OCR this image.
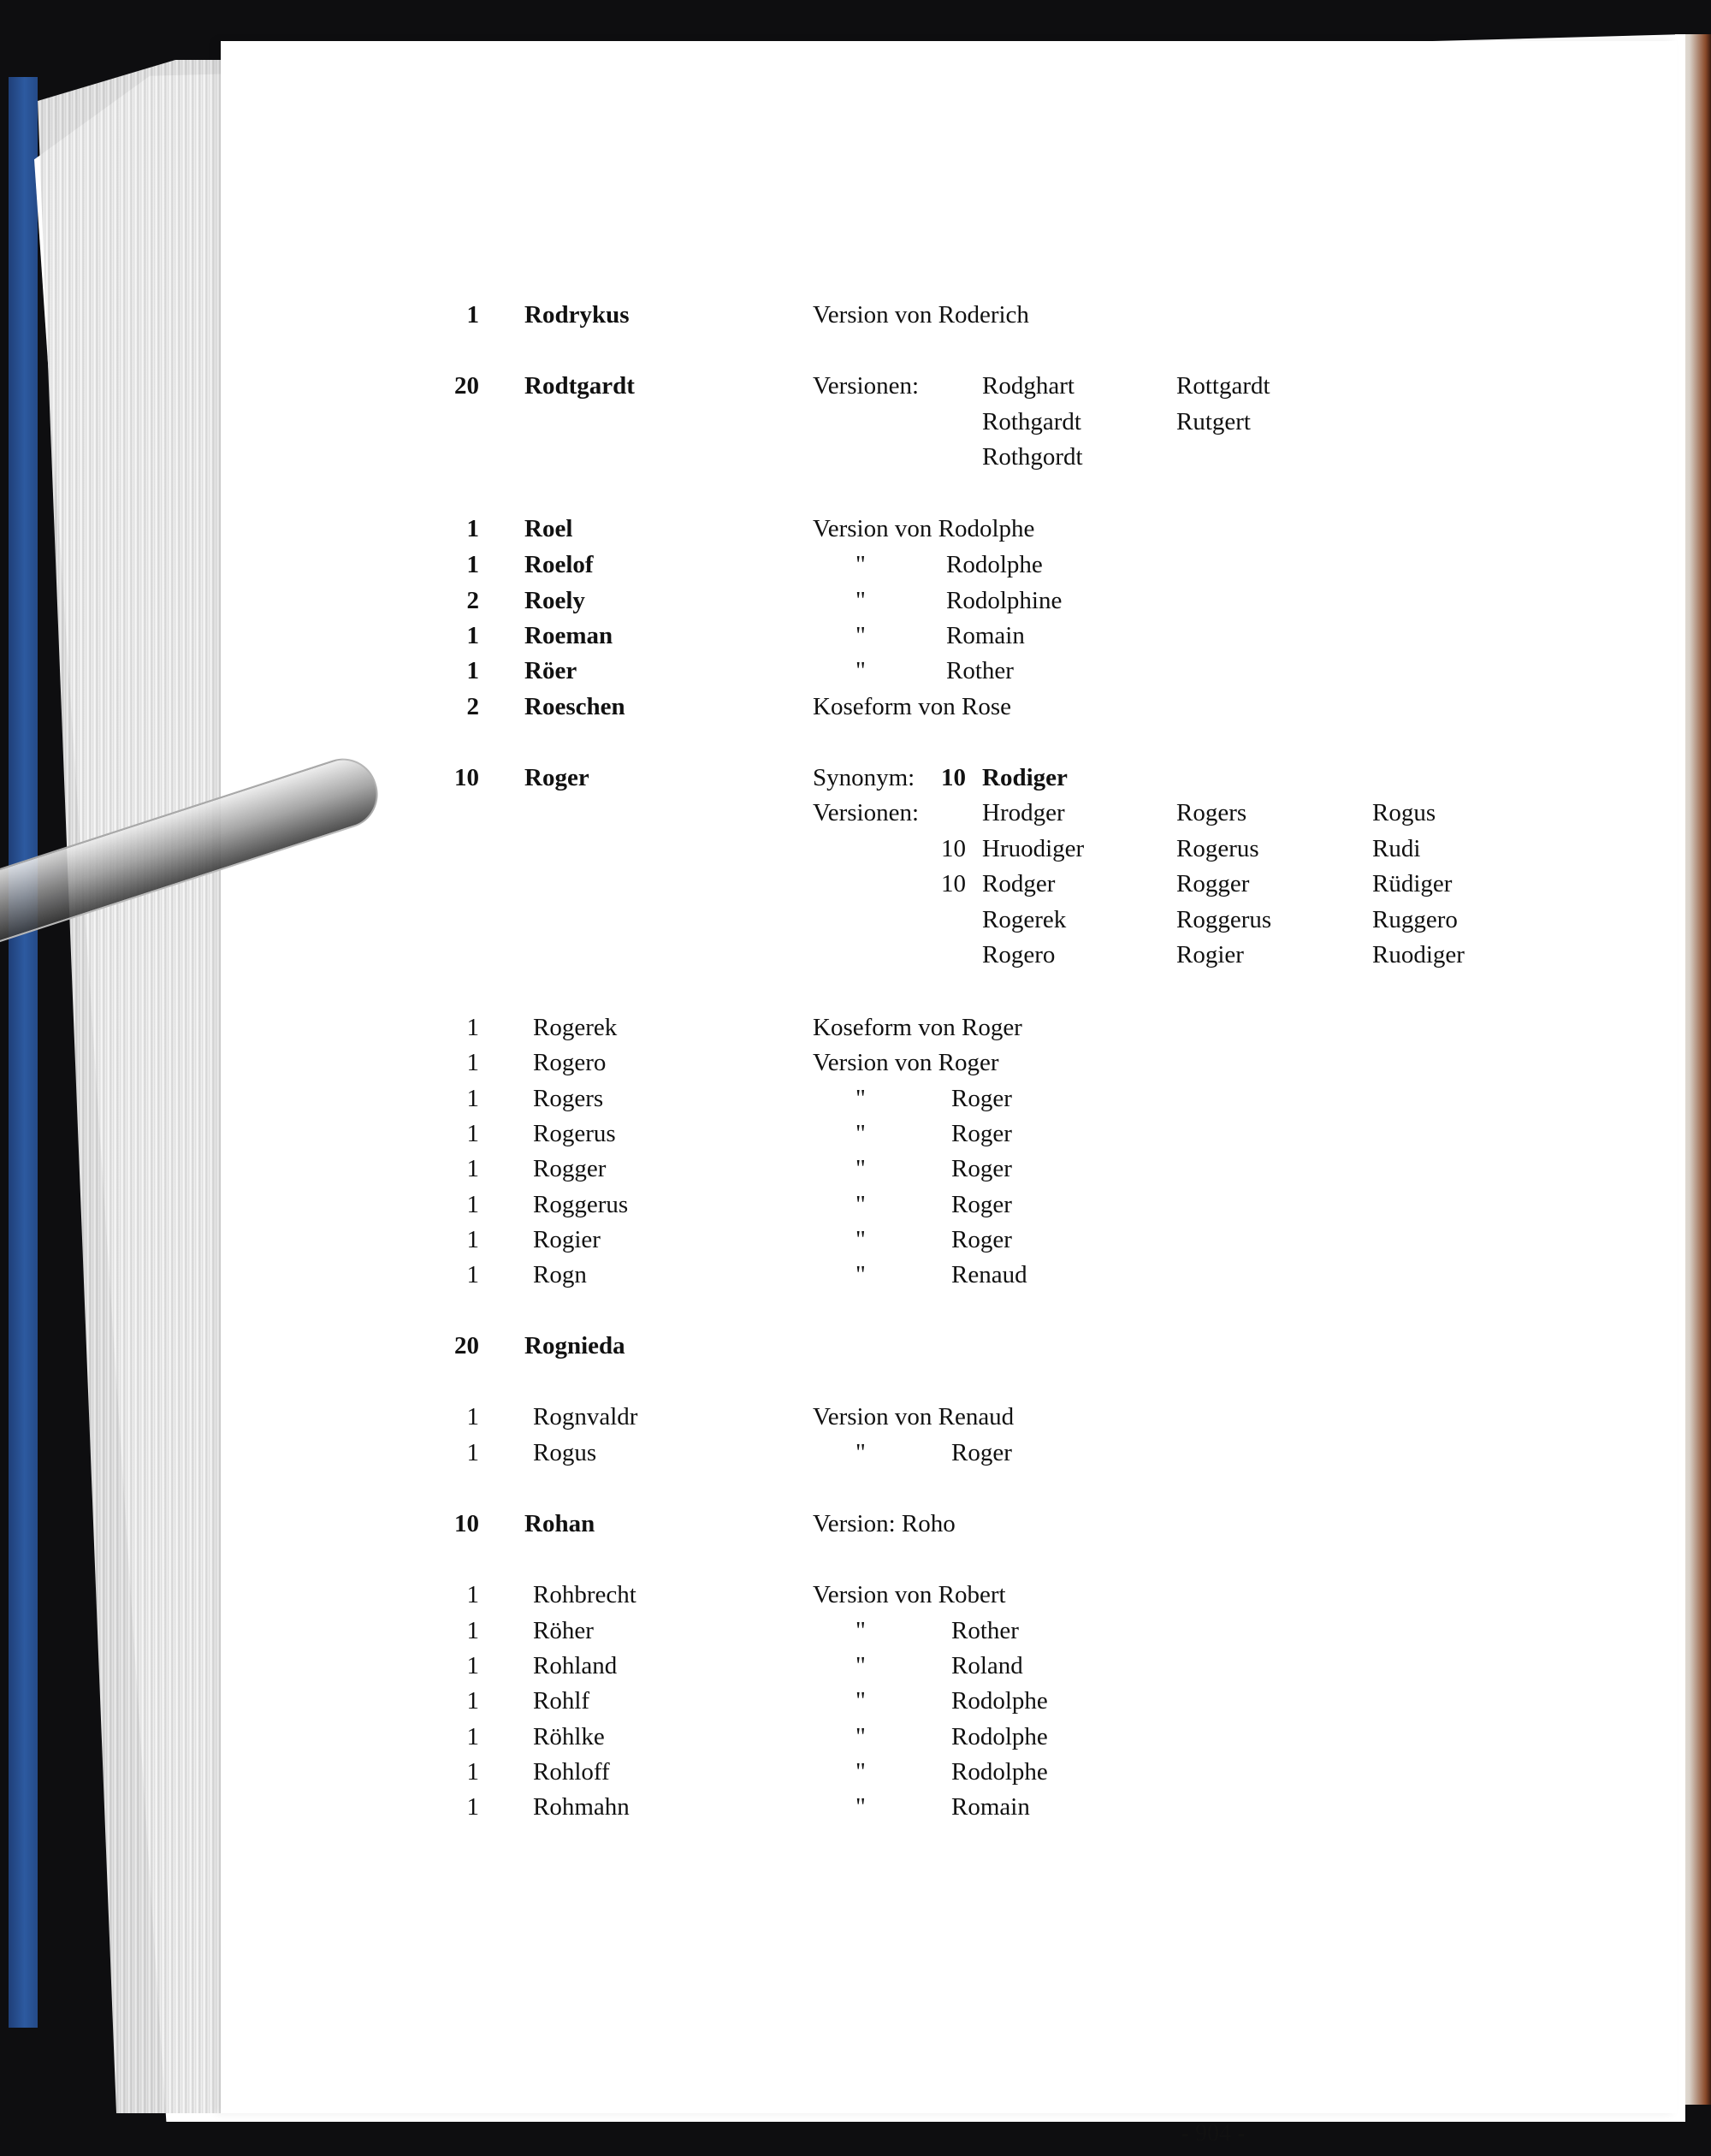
1 Rodrykus	Version von Roderich
20 Rodtgardt	Versionen:	Rodghart	Rottgardt
Rothgardt	Rutgert
Rothgordt
1 Roel	Version von Rodolphe
1 Roelof	"	Rodolphe
2 Roely	"	Rodolphine
1 Roeman	"	Romain
1 Röer	"	Rother
2 Roeschen	Koseform von Rose
10 Roger	Synonym: 10 Rodiger
Versionen:	Hrodger	Rogers	Rogus
10 Hruodiger	Rogerus	Rudi
10 Rodger	Rogger	Rüdiger
Rogerek	Roggerus	Ruggero
Rogero	Rogier	Ruodiger
1 Rogerek	Koseform von Roger
1 Rogero	Version von Roger
1 Rogers	"	Roger
1 Rogerus	"	Roger
1 Rogger	"	Roger
1 Roggerus	"	Roger
1 Rogier	"	Roger
1 Rogn	"	Renaud
20 Rognieda
1 Rognvaldr	Version von Renaud
1 Rogus	"	Roger
10 Rohan	Version: Roho
1 Rohbrecht	Version von Robert
1 Röher	"	Rother
1 Rohland	"	Roland
1 Rohlf	"	Rodolphe
1 Röhlke	"	Rodolphe
1 Rohloff	"	Rodolphe
1 Rohmahn	"	Romain
- 904 -
